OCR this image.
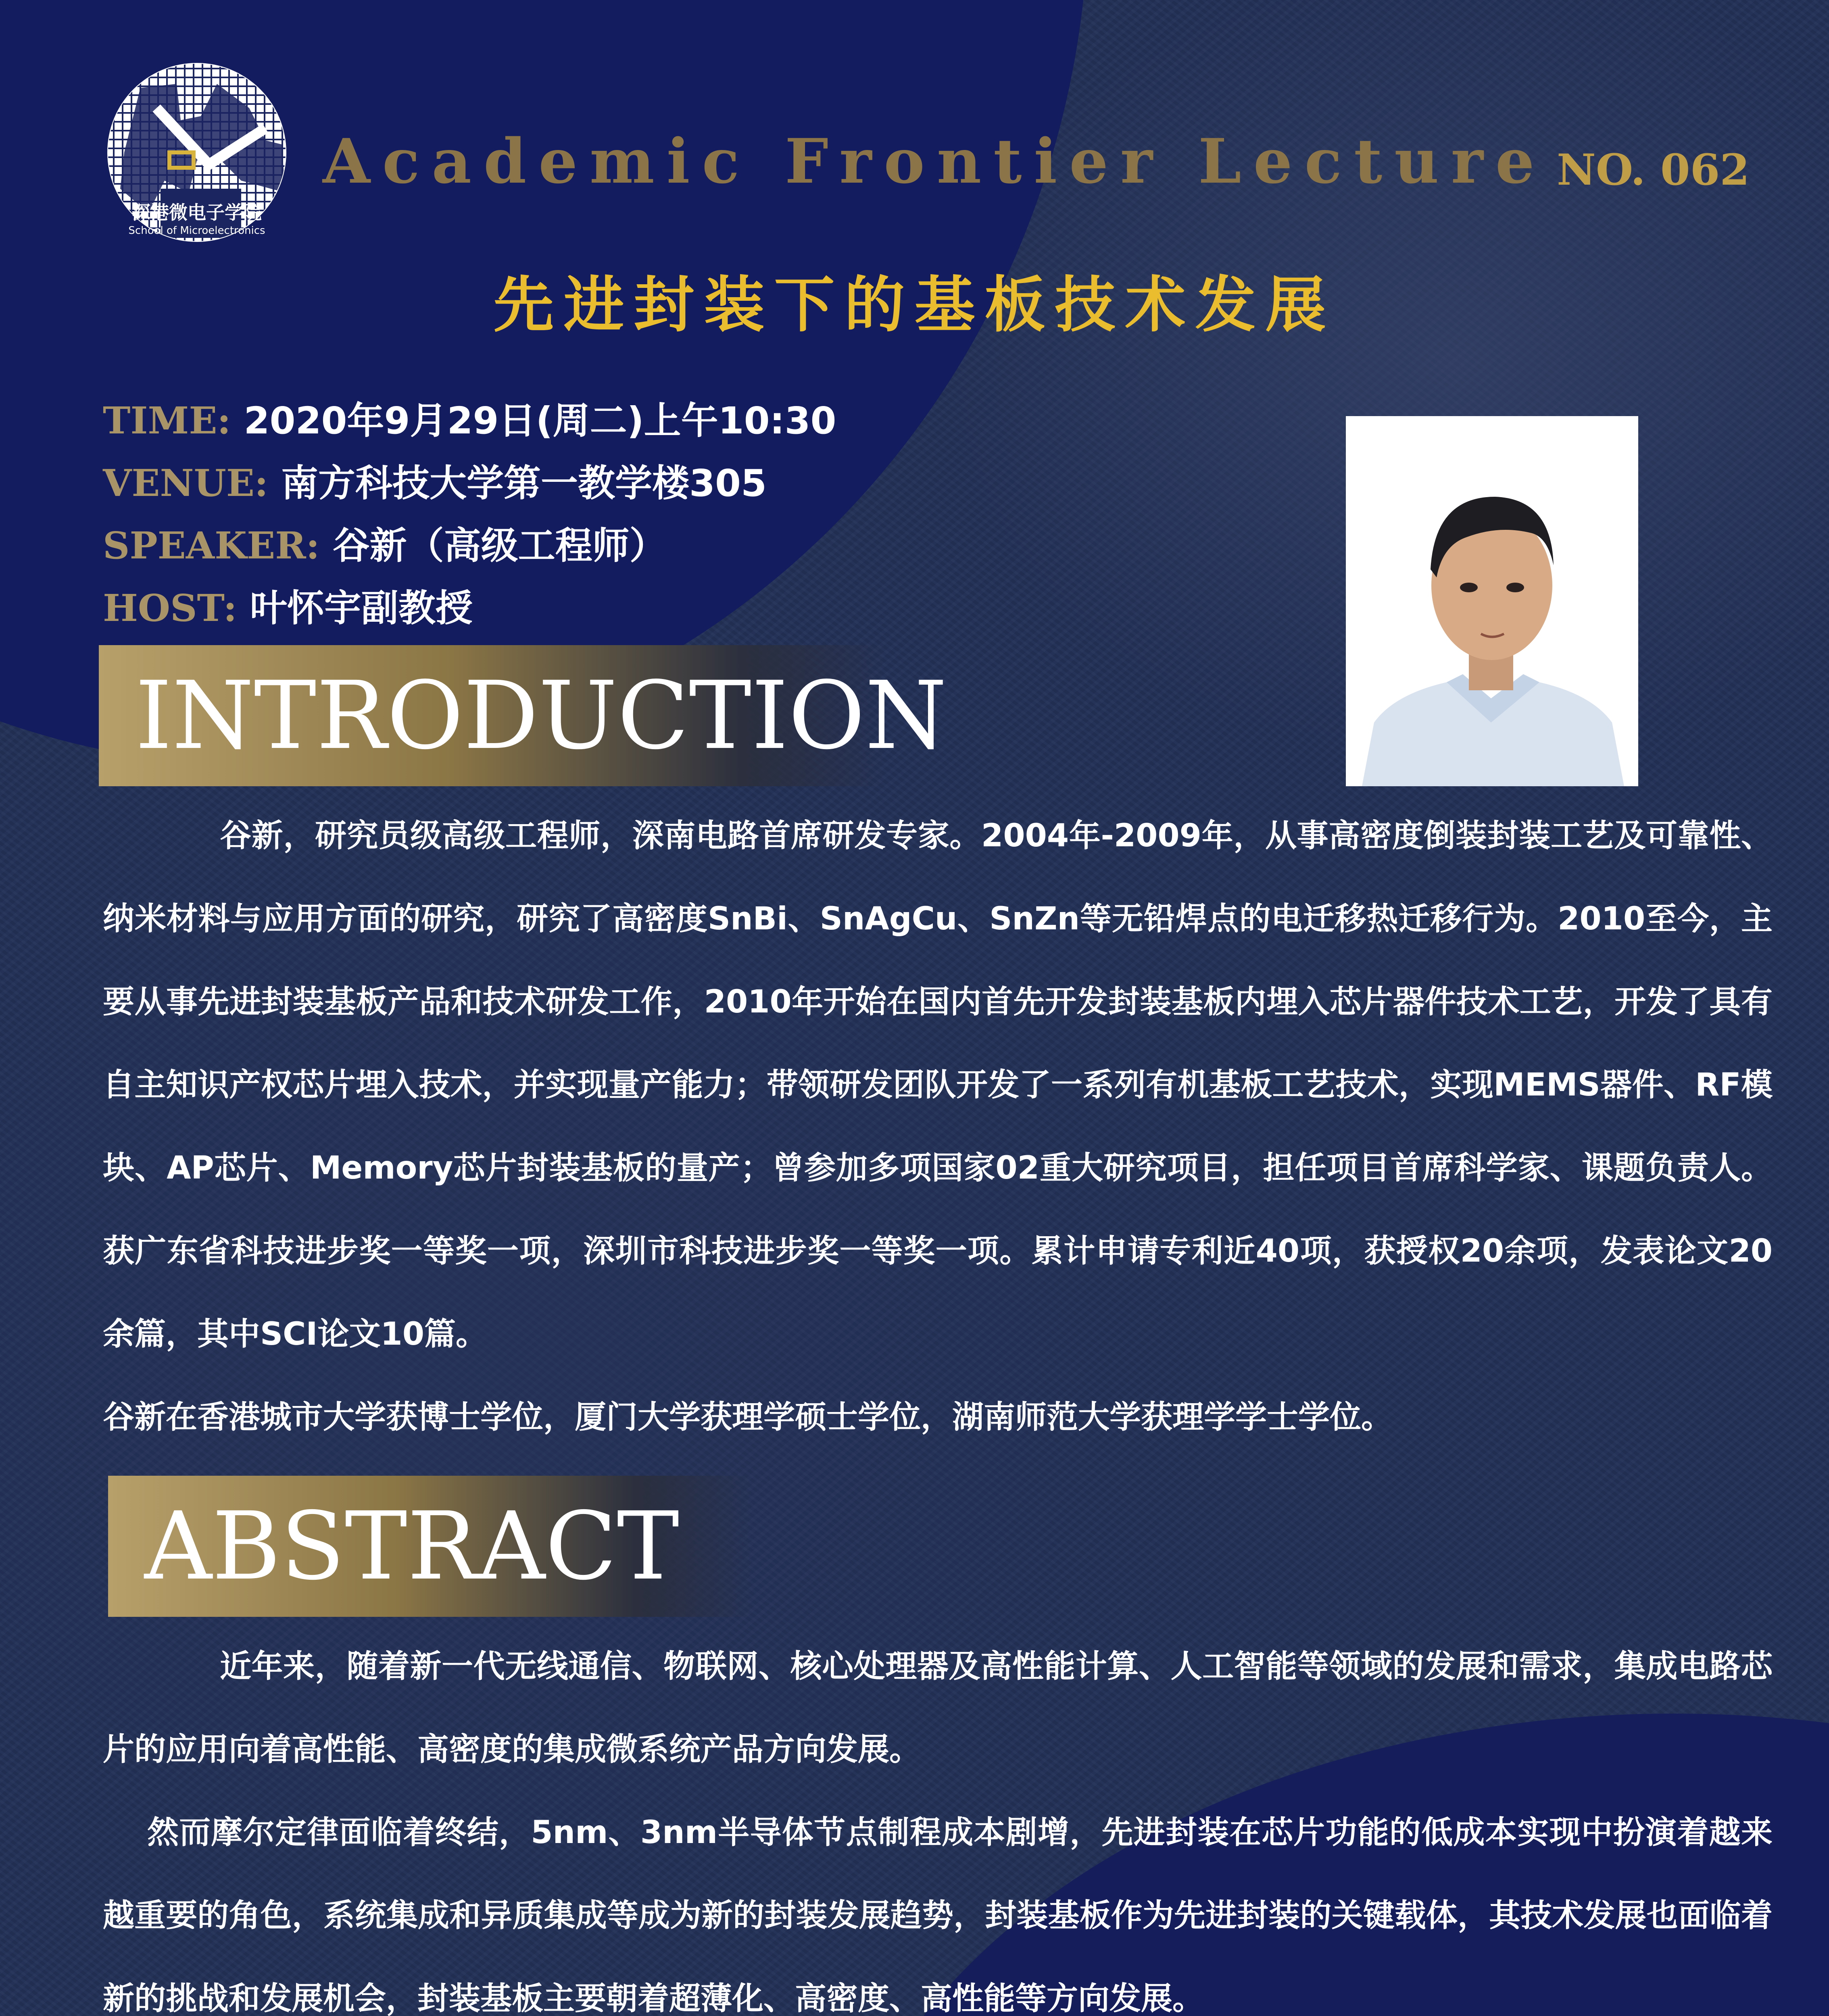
深港微电子学院
School of Microelectronics
Academic Frontier Lecture NO. 062
先进封装下的基板技术发展
TIME: 2020年9月29日(周二)上午10:30
VENUE: 南方科技大学第一教学楼305
SPEAKER: 谷新（高级工程师）
HOST: 叶怀宇副教授
INTRODUCTION

谷新，研究员级高级工程师，深南电路首席研发专家。2004年-2009年，从事高密度倒装封装工艺及可靠性、纳米材料与应用方面的研究，研究了高密度SnBi、SnAgCu、SnZn等无铅焊点的电迁移热迁移行为。2010至今，主要从事先进封装基板产品和技术研发工作，2010年开始在国内首先开发封装基板内埋入芯片器件技术工艺，开发了具有自主知识产权芯片埋入技术，并实现量产能力；带领研发团队开发了一系列有机基板工艺技术，实现MEMS器件、RF模块、AP芯片、Memory芯片封装基板的量产；曾参加多项国家02重大研究项目，担任项目首席科学家、课题负责人。获广东省科技进步奖一等奖一项，深圳市科技进步奖一等奖一项。累计申请专利近40项，获授权20余项，发表论文20余篇，其中SCI论文10篇。

谷新在香港城市大学获博士学位，厦门大学获理学硕士学位，湖南师范大学获理学学士学位。

ABSTRACT

近年来，随着新一代无线通信、物联网、核心处理器及高性能计算、人工智能等领域的发展和需求，集成电路芯片的应用向着高性能、高密度的集成微系统产品方向发展。

然而摩尔定律面临着终结，5nm、3nm半导体节点制程成本剧增，先进封装在芯片功能的低成本实现中扮演着越来越重要的角色，系统集成和异质集成等成为新的封装发展趋势，封装基板作为先进封装的关键载体，其技术发展也面临着新的挑战和发展机会，封装基板主要朝着超薄化、高密度、高性能等方向发展。
